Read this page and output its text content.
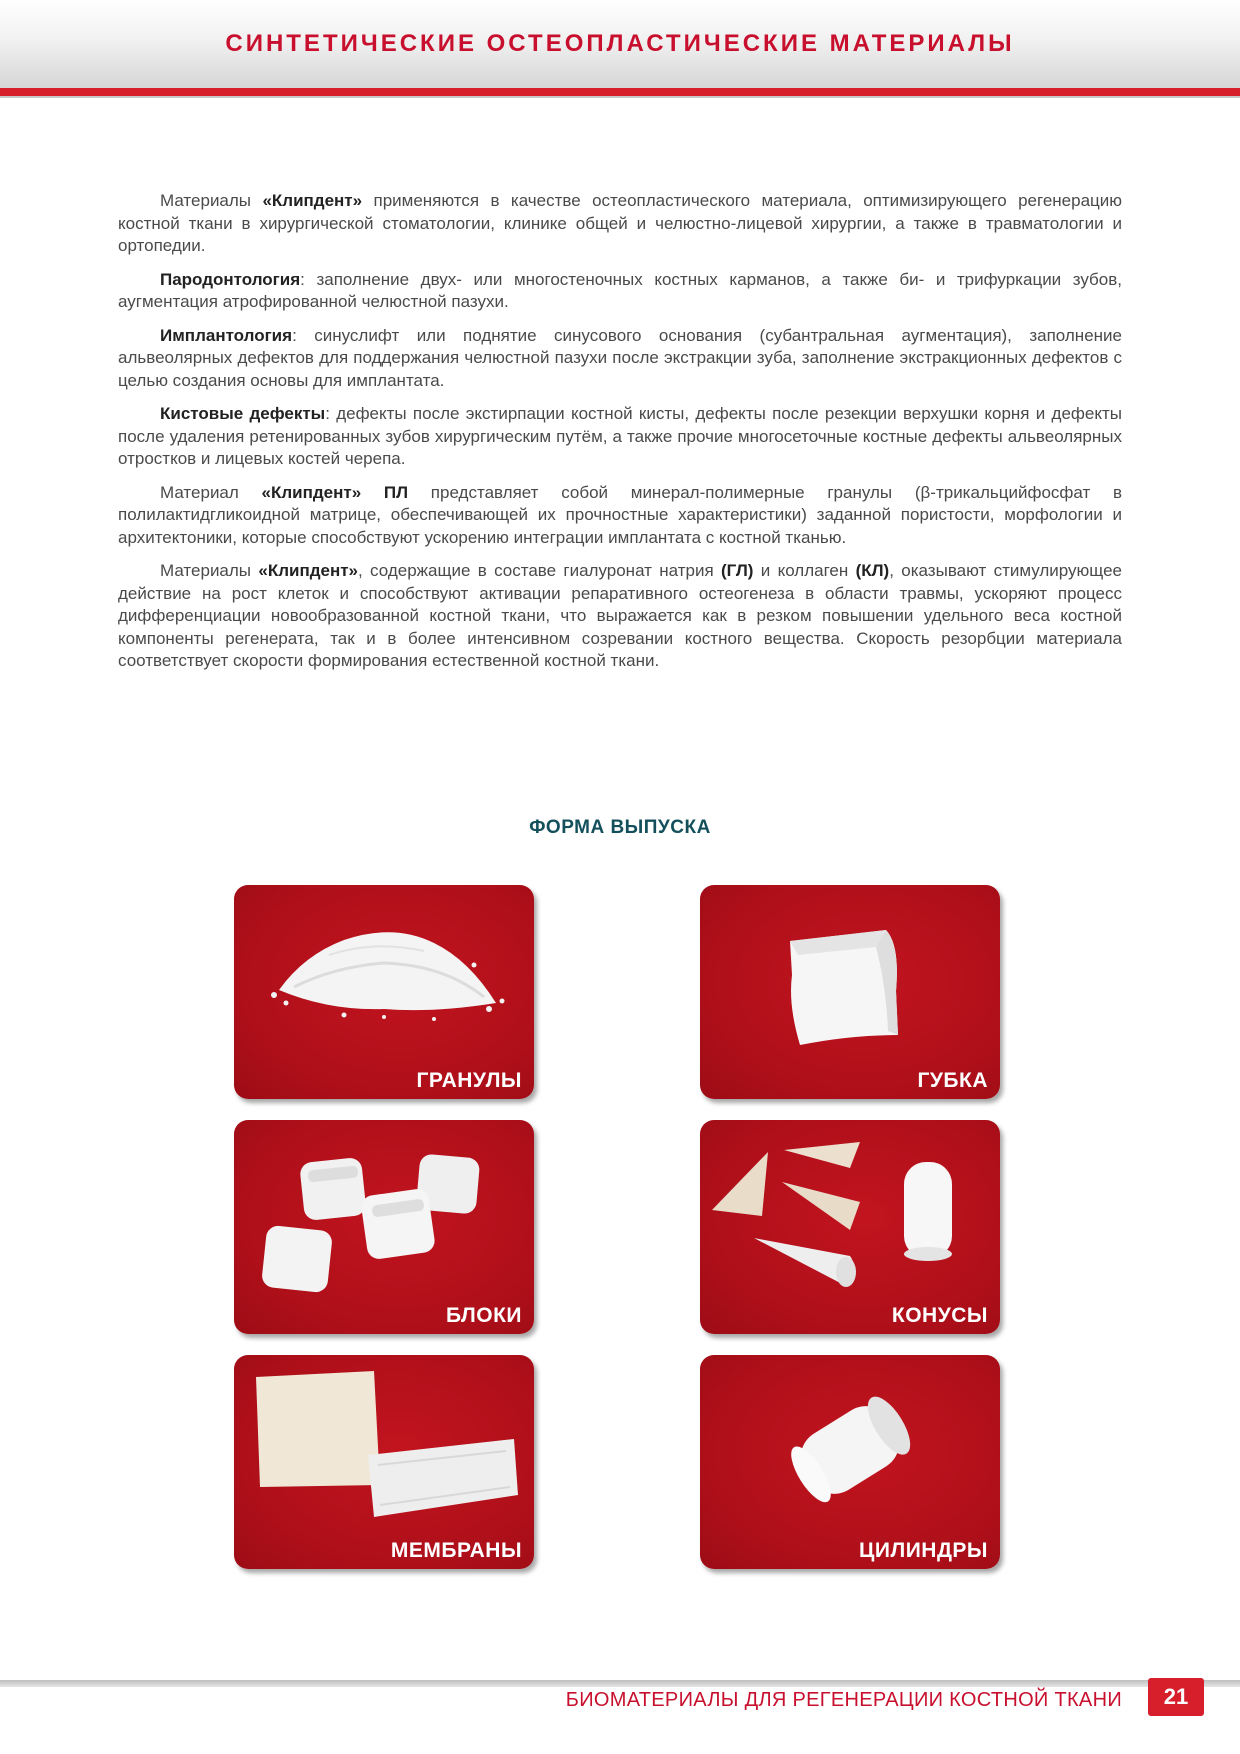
СИНТЕТИЧЕСКИЕ ОСТЕОПЛАСТИЧЕСКИЕ МАТЕРИАЛЫ

Материалы «Клипдент» применяются в качестве остеопластического материала, оптимизирующего регенерацию костной ткани в хирургической стоматологии, клинике общей и челюстно-лицевой хирургии, а также в травматологии и ортопедии.

Пародонтология: заполнение двух- или многостеночных костных карманов, а также би- и трифуркации зубов, аугментация атрофированной челюстной пазухи.

Имплантология: синуслифт или поднятие синусового основания (субантральная аугментация), заполнение альвеолярных дефектов для поддержания челюстной пазухи после экстракции зуба, заполнение экстракционных дефектов с целью создания основы для имплантата.

Кистовые дефекты: дефекты после экстирпации костной кисты, дефекты после резекции верхушки корня и дефекты после удаления ретенированных зубов хирургическим путём, а также прочие многосеточные костные дефекты альвеолярных отростков и лицевых костей черепа.

Материал «Клипдент» ПЛ представляет собой минерал-полимерные гранулы (β-трикальцийфосфат в полилактидгликоидной матрице, обеспечивающей их прочностные характеристики) заданной пористости, морфологии и архитектоники, которые способствуют ускорению интеграции имплантата с костной тканью.

Материалы «Клипдент», содержащие в составе гиалуронат натрия (ГЛ) и коллаген (КЛ), оказывают стимулирующее действие на рост клеток и способствуют активации репаративного остеогенеза в области травмы, ускоряют процесс дифференциации новообразованной костной ткани, что выражается как в резком повышении удельного веса костной компоненты регенерата, так и в более интенсивном созревании костного вещества. Скорость резорбции материала соответствует скорости формирования естественной костной ткани.

ФОРМА ВЫПУСКА
ГРАНУЛЫ	ГУБКА
БЛОКИ	КОНУСЫ
МЕМБРАНЫ	ЦИЛИНДРЫ
БИОМАТЕРИАЛЫ ДЛЯ РЕГЕНЕРАЦИИ КОСТНОЙ ТКАНИ	21
